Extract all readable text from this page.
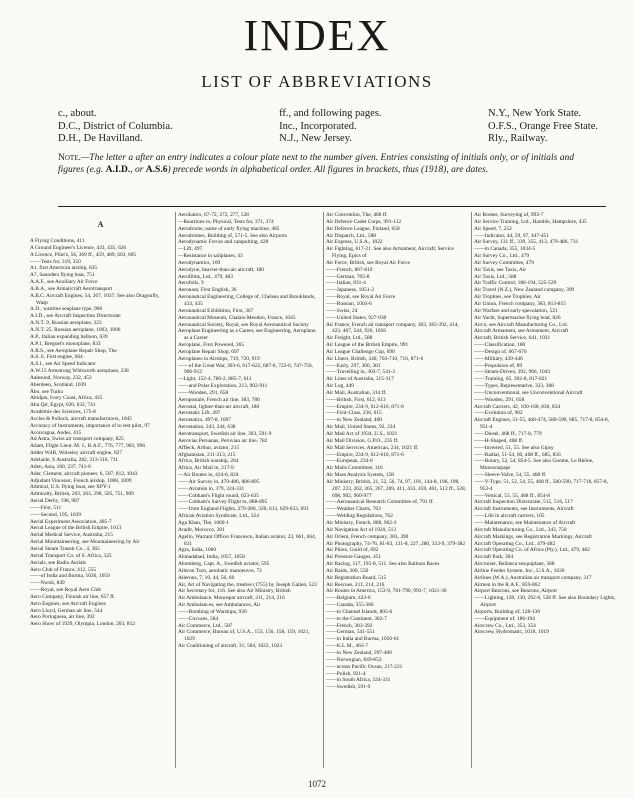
INDEX
LIST OF ABBREVIATIONS
c., about.
D.C., District of Columbia.
D.H., De Havilland.
ff., and following pages.
Inc., Incorporated.
N.J., New Jersey.
N.Y., New York State.
O.F.S., Orange Free State.
Rly., Railway.
Note.—The letter a after an entry indicates a colour plate next to the number given. Entries consisting of initials only, or of initials and figures (e.g. A.I.D., or A.S.6) precede words in alphabetical order. All figures in brackets, thus (1918), are dates.

A

A Flying Conditions, 411

A Ground Engineer's Licence, 433, 435, 626

A Licence, Pilot's, 56, 369 ff., 459, 489, 603, 605

——Tests for, 319, 350

A1, first American airship, 635

A7, Saunders flying boat, 751

A.A.F., see Auxiliary Air Force

A.B.A., see Antiaircraft Aerotransport

A.B.C. Aircraft Engines, 54, 267, 1037. See also Dragonfly, Wasp

A.D., wartime seaplane type, 906

A.I.D., see Aircraft Inspection Directorate

A.N.T. 9, Russian aeroplane, 323

A.N.T. 25, Russian aeroplane, 1003, 1006

A.P., Italian expanding balloon, 639

A.P.1, Breguet's monoplane, 833

A.R.S., see Aeroplane Repair Shop, The

A.S. 6, First engine, 664

A.S.I., see Air Speed Indicator

A.W.15 Armstrong Whitworth aeroplane, 238

Aalesund, Norway, 232, 453

Aberdeen, Scotland, 1039

Åbo, see Turku

Abidjan, Ivory Coast, Africa, 435

Abu Qir, Egypt, 620, 632, 741

Académie des Sciences, 175-8

Accles & Pollock, aircraft manufacturers, 1045

Accuracy of Instruments, importance of to test pilot, 97

Aconcagua, Andes, 415

Ad Astra, Swiss air transport company, 825

Adam, Flight Lieut. M. J., R.A.F., 776, 777, 983, 996

Adder W4B, Wolseley aircraft engine, 827

Adelaide, S Australia, 282, 313-316, 711

Aden, Asia, 160, 237, 741-6

Ader, Clement, aircraft pioneer, 6, 507, 812, 1043

Adjudant Vincenot, French airship, 1008, 1009

Admiral, U.S. flying boat, see XPY-1

Admiralty, British, 203, 263, 298, 505, 751, 909

Aerial Derby, 198, 987

——First, 511

——Second, 195, 1039

Aerial Experiment Association, 485-7

Aerial League of the British Empire, 1013

Aerial Medical Service, Australia, 215

Aerial Mountaineering, see Mountaineering by Air

Aerial Steam Transit Co., 4, 365

Aerial Transport Co. of S. Africa, 325

Aerials, see Radio Aerials

Aero Club of France, 412, 555

——of India and Burma, 1036, 1059

——Norsk, 849

——Royal, see Royal Aero Club

Aero Company, Finnish air line, 657 ff.

Aero Engines, see Aircraft Engines

Aero Lloyd, German air line, 544

Aero Portuguesa, air line, 392

Aero Show of 1929, Olympia, London, 203, 812

Aerobatics, 67-72, 272, 277, 528

—Reactions to, Physical, Tests for, 371, 374

Aerodrome, name of early flying machine, 485

Aerodromes, Building of, 571-5. See also Airports

Aerodynamic Forces and catapulting, 428

—Lift, 497

—Resistance in sailplanes, 43

Aerodynamics, 109

Aerodyne, heavier-than-air aircraft, 180

Aerofilms, Ltd., 479, 483

Aerofoils, 9

Aeronaut, First English, 36

Aeronautical Engineering, College of, Chelsea and Brooklands, 433, 435

Aeronautical Exhibition, First, 367

Aeronautical Museum, Chalais-Meudon, France, 1045

Aeronautical Society, Royal, see Royal Aeronautical Society

Aeroplane Engineering as a Career, see Engineering, Aeroplane, as a Career

Aeroplane, First Powered, 365

Aeroplane Repair Shop, 697

Aeroplanes in Airships, 719, 720, 919

——of the Great War, 303-6, 617-622, 687-8, 722-6, 747-750, 906-912

—Light, 152-4, 780-2, 885-7, 611

——and Polar Exploration, 213, 902-911

——Wooden, 291, 658

Aeropostale, French air line, 383, 780

Aerostat, lighter-than-air aircraft, 180

Aerostatic Lift, 497

Aerostatics, 497-8, 1007

Aerostation, 243, 244, 638

Aerotransport, Swedish air line, 303, 591-9

Aerovias Peruanas, Peruvian air line, 782

Affleck, Arthur, aviator, 215

Afghanistan, 211-213, 215

Africa, British warship, 264

Africa, Air Mail in, 217-9

—Air Routes in, 424-6, 824

——Air Survey in, 479-486, 886-895

——Aviation in, 379, 324-331

——Cobham's Flight round, 623-635

——Cobham's Survey Flight to, 888-895

——from England Flights, 279-280, 326, 613, 629-633, 693

African Aviation Syndicate, Ltd., 324

Aga Khan, The, 1060-1

Aradir, Morocco, 391

Agello, Warrant Officer Francesco, Italian aviator, 23, 661, 664, 831

Agra, India, 1060

Ahmadabad, India, 1057, 1058

Ahrenberg, Capt. A., Swedish aviator, 595

Aileron Turn, aerobatic manoeuvre, 72

Ailerons, 7, 10, 44, 56, 60

Air, Art of Navigating the, treatise (1755) by Joseph Galien, 523

Air Secretary for, 116. See also Air Ministry, British

Air Ambulance, Monospar aircraft, 211, 214, 216

Air Ambulances, see Ambulances, Air

——Bombing of Warships, 930

——Circuses, 584

Air Commerce, Ltd., 587

Air Commerce, Bureau of, U.S.A., 153, 156, 158, 159, 1021, 1029

Air Coalitioning of aircraft, 31, 584, 1022, 1023

Air Convention, The, 408 ff.

Air Defence Cadet Corps, 991-112

Air Defence League, Finland, 658

Air Dispatch, Ltd., 588

Air Express, U.S.A., 1022

Air Fighting, 617-21. See also Armament, Aircraft; Service Flying, Epics of

Air Force, British, see Royal Air Force

——French, 807-810

——German, 705-8

——Italian, 831-4

——Japanese, 1051-2

——Royal, see Royal Air Force

——Russian, 1003-6

——Swiss, 24

——United States, 927-930

Air France, French air transport company, 303, 383-392, 414, 423, 467, 544, 920, 1056

Air Freight, Ltd., 588

Air League of the British Empire, 991

Air League Challenge Cup, 690

Air Liners, British, 340, 703-710, 716, 871-6

——Early, 297, 300, 301

——Travelling in, 303-7, 541-3

Air Lines of Australia, 315-317

Air Log, 449

Air Mail, Australian, 314 ff.

——British, First, 612, 613

——Empire, 234-9, 612-616, 871-6

——First-Class, 236, 615

——in New Zealand, 400

Air Mail, United States, 92, 234

Air Mail Act of 1934, U.S., 1021

Air Mail Division, G.P.O., 235 ff.

Air Mail Services, American, 234, 1021 ff.

——Empire, 234-9, 612-616, 871-6

——European, 234-6

Air Mails Committee, 116

Air Mass Analysis System, 158

Air Ministry, British, 21, 52, 56, 74, 97, 101, 144-8, 196, 198, 207, 223, 262, 265, 267, 269, 411, 433, 459, 461, 512 ff., 528, 698, 902, 960-977

——Aeronautical Research Committee of, 791 ff.

——Weather Charts, 763

——Welding Regulations, 762

Air Ministry, French, 808, 962-3

Air Navigation Act of 1920, 513

Air Orient, French company, 383, 390

Air Photography, 74-76, 81-83, 131-8, 227, 280, 333-9, 379-382

Air Pilots, Guild of, 692

Air Pressure Gauges, 451

Air Racing, 117, 195-8, 511. See also Balloon Races

Air Raids, 300, 550

Air Registration Board, 515

Air Rescues, 211, 214, 216

Air Routes in America, 153-9, 781-790, 993-7, 1021-30

——Belgium, 423-6

——Canada, 355-360

——to Channel Islands, 805-6

——to the Continent, 302-7

——French, 383-392

——German, 541-551

——in India and Burma, 1056-61

——K.L.M., 463-7

——in New Zealand, 397-400

——Norwegian, 849-853

——across Pacific Ocean, 217-221

——Polish, 921-4

——in South Africa, 324-331

——Swedish, 591-9

Air Routes, Surveying of, 993-7

Air Service Training, Ltd., Hamble, Hampshire, 435

Air Speed, 7, 252

——Indicator, 44, 59, 97, 447-451

Air Survey, 131 ff., 339, 355, 413, 479-486, 731

——in Canada, 355, 1034-5

Air Survey Co., Ltd., 479

Air Survey Committee, 479

Air Taxis, see Taxis, Air

Air Taxis, Ltd., 588

Air Traffic Control, 186-194, 525-529

Air Travel (N.Z.), New Zealand company, 399

Air Trophies, see Trophies, Air

Air Union, French company, 383, 813-815

Air Warfare and early speculation, 521

Air Yacht, Supermarine flying boat, 826

Airco, see Aircraft Manufacturing Co., Ltd.

Aircraft Armament, see Armament, Aircraft

Aircraft, British Service, 641, 1031

——Classification, 180

——Design of, 667-670

——Military, 439-446

——Propulsion of, 89

——Steam-Driven, 392, 966, 1043

——Training, 65, 302-8, 817-821

——Types, Representative, 323, 368

——Unconventional, see Unconventional Aircraft

——Wooden, 291, 658

Aircraft Carriers, 42, 100-168, 830, 834

——Evolution of, 902

Aircraft Engines, 51-55, 468-474, 580-590, 685, 717-8, 854-8, 951-4

——Diesel, 468 ff., 717-8, 779

——H-Shaped, 468 ff.

——Inverted, 51, 55. See also Gipsy

——Radial, 51-54, 60, 468 ff., 685, 856

——Rotary, 52, 54, 854-5. See also Gnome, Le Rhône, Monosoupape

——Sleeve-Valve, 54, 55, 468 ff.

——V-Type, 51, 52, 54, 55, 468 ff., 580-590, 717-718, 857-8, 953-4

——Vertical, 53, 55, 468 ff., 854-8

Aircraft Inspection Directorate, 515, 516, 517

Aircraft Instruments, see Instruments, Aircraft

——Life in aircraft carriers, 105

——Maintenance, see Maintenance of Aircraft

Aircraft Manufacturing Co., Ltd., 343, 750

Aircraft Markings, see Registration Markings, Aircraft

Aircraft Operating Co., Ltd., 479-482

Aircraft Operating Co. of Africa (Pty.), Ltd., 479, 482

Aircraft Park, 304

Aircruiser, Bellanca sesquiplane, 368

Airline Feeder System, Inc., U.S.A., 1030

Airlines (W.A.), Australian air transport company, 317

Airmen in the R.A.F., 859-862

Airport Beacons, see Beacons, Airport

——Lighting, 128, 130, 292-6, 528 ff. See also Boundary Lights, Airport

Airports, Building of, 128-130

——Equipment of, 186-194

Airscrew Co., Ltd., 353, 354

Airscrew, Hydromatic, 1018, 1019

1072
